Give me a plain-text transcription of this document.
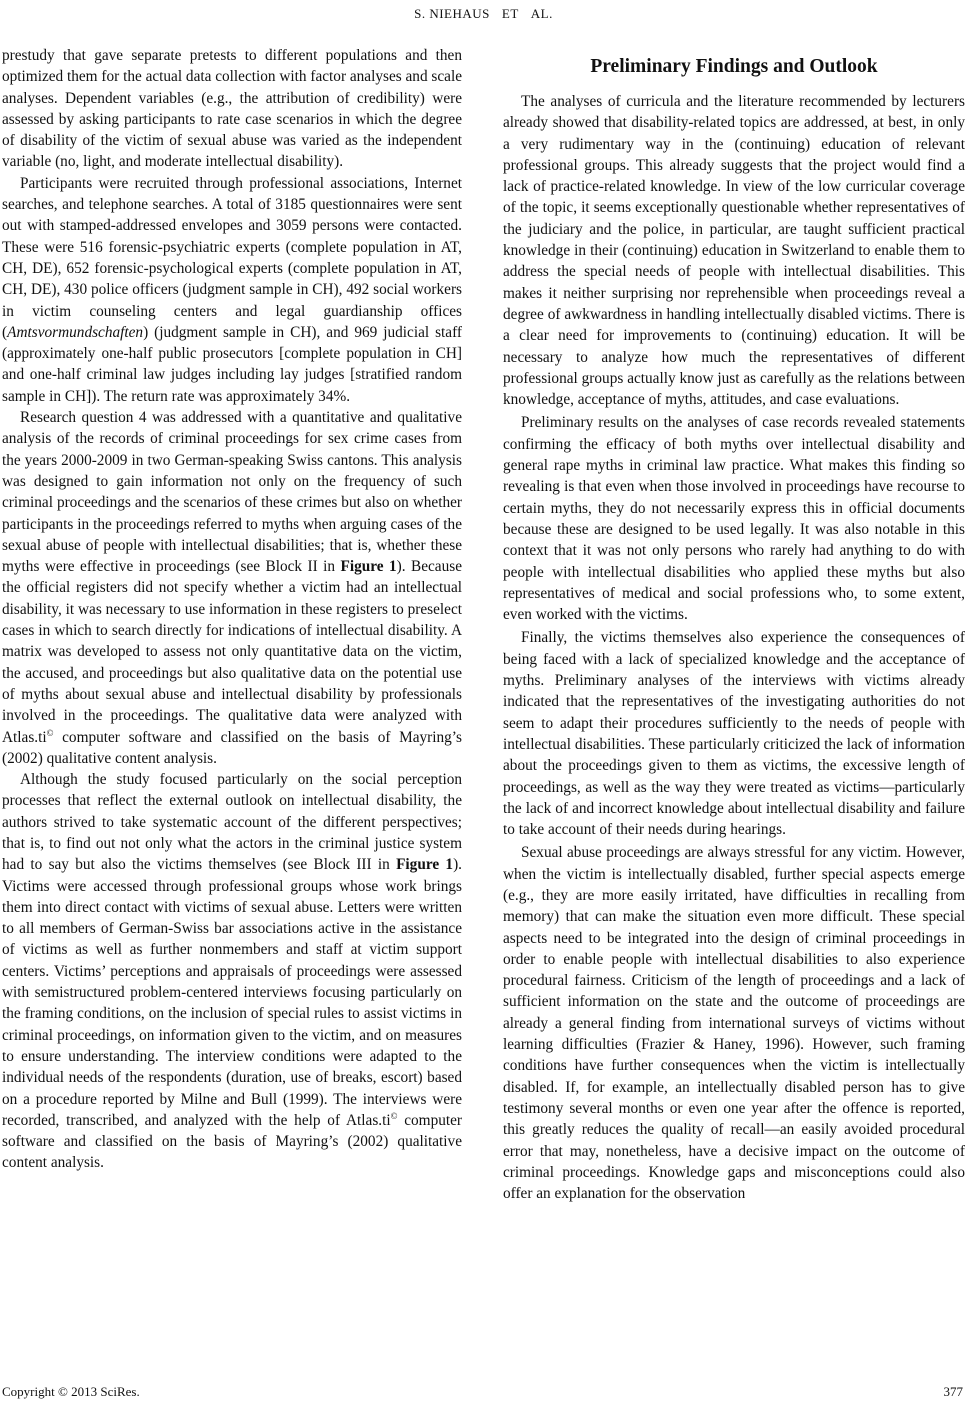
S. NIEHAUS ET AL.

prestudy that gave separate pretests to different populations and then optimized them for the actual data collection with factor analyses and scale analyses. Dependent variables (e.g., the attribution of credibility) were assessed by asking participants to rate case scenarios in which the degree of disability of the victim of sexual abuse was varied as the independent variable (no, light, and moderate intellectual disability).

Participants were recruited through professional associations, Internet searches, and telephone searches. A total of 3185 questionnaires were sent out with stamped-addressed envelopes and 3059 persons were contacted. These were 516 forensic-psychiatric experts (complete population in AT, CH, DE), 652 forensic-psychological experts (complete population in AT, CH, DE), 430 police officers (judgment sample in CH), 492 social workers in victim counseling centers and legal guardianship offices (Amtsvormundschaften) (judgment sample in CH), and 969 judicial staff (approximately one-half public prosecutors [complete population in CH] and one-half criminal law judges including lay judges [stratified random sample in CH]). The return rate was approximately 34%.

Research question 4 was addressed with a quantitative and qualitative analysis of the records of criminal proceedings for sex crime cases from the years 2000-2009 in two German-speaking Swiss cantons. This analysis was designed to gain information not only on the frequency of such criminal proceedings and the scenarios of these crimes but also on whether participants in the proceedings referred to myths when arguing cases of the sexual abuse of people with intellectual disabilities; that is, whether these myths were effective in proceedings (see Block II in Figure 1). Because the official registers did not specify whether a victim had an intellectual disability, it was necessary to use information in these registers to preselect cases in which to search directly for indications of intellectual disability. A matrix was developed to assess not only quantitative data on the victim, the accused, and proceedings but also qualitative data on the potential use of myths about sexual abuse and intellectual disability by professionals involved in the proceedings. The qualitative data were analyzed with Atlas.ti© computer software and classified on the basis of Mayring’s (2002) qualitative content analysis.

Although the study focused particularly on the social perception processes that reflect the external outlook on intellectual disability, the authors strived to take systematic account of the different perspectives; that is, to find out not only what the actors in the criminal justice system had to say but also the victims themselves (see Block III in Figure 1). Victims were accessed through professional groups whose work brings them into direct contact with victims of sexual abuse. Letters were written to all members of German-Swiss bar associations active in the assistance of victims as well as further nonmembers and staff at victim support centers. Victims’ perceptions and appraisals of proceedings were assessed with semistructured problem-centered interviews focusing particularly on the framing conditions, on the inclusion of special rules to assist victims in criminal proceedings, on information given to the victim, and on measures to ensure understanding. The interview conditions were adapted to the individual needs of the respondents (duration, use of breaks, escort) based on a procedure reported by Milne and Bull (1999). The interviews were recorded, transcribed, and analyzed with the help of Atlas.ti© computer software and classified on the basis of Mayring’s (2002) qualitative content analysis.

Preliminary Findings and Outlook

The analyses of curricula and the literature recommended by lecturers already showed that disability-related topics are addressed, at best, in only a very rudimentary way in the (continuing) education of relevant professional groups. This already suggests that the project would find a lack of practice-related knowledge. In view of the low curricular coverage of the topic, it seems exceptionally questionable whether representatives of the judiciary and the police, in particular, are taught sufficient practical knowledge in their (continuing) education in Switzerland to enable them to address the special needs of people with intellectual disabilities. This makes it neither surprising nor reprehensible when proceedings reveal a degree of awkwardness in handling intellectually disabled victims. There is a clear need for improvements to (continuing) education. It will be necessary to analyze how much the representatives of different professional groups actually know just as carefully as the relations between knowledge, acceptance of myths, attitudes, and case evaluations.

Preliminary results on the analyses of case records revealed statements confirming the efficacy of both myths over intellectual disability and general rape myths in criminal law practice. What makes this finding so revealing is that even when those involved in proceedings have recourse to certain myths, they do not necessarily express this in official documents because these are designed to be used legally. It was also notable in this context that it was not only persons who rarely had anything to do with people with intellectual disabilities who applied these myths but also representatives of medical and social professions who, to some extent, even worked with the victims.

Finally, the victims themselves also experience the consequences of being faced with a lack of specialized knowledge and the acceptance of myths. Preliminary analyses of the interviews with victims already indicated that the representatives of the investigating authorities do not seem to adapt their procedures sufficiently to the needs of people with intellectual disabilities. These particularly criticized the lack of information about the proceedings given to them as victims, the excessive length of proceedings, as well as the way they were treated as victims—particularly the lack of and incorrect knowledge about intellectual disability and failure to take account of their needs during hearings.

Sexual abuse proceedings are always stressful for any victim. However, when the victim is intellectually disabled, further special aspects emerge (e.g., they are more easily irritated, have difficulties in recalling from memory) that can make the situation even more difficult. These special aspects need to be integrated into the design of criminal proceedings in order to enable people with intellectual disabilities to also experience procedural fairness. Criticism of the length of proceedings and a lack of sufficient information on the state and the outcome of proceedings are already a general finding from international surveys of victims without learning difficulties (Frazier & Haney, 1996). However, such framing conditions have further consequences when the victim is intellectually disabled. If, for example, an intellectually disabled person has to give testimony several months or even one year after the offence is reported, this greatly reduces the quality of recall—an easily avoided procedural error that may, nonetheless, have a decisive impact on the outcome of criminal proceedings. Knowledge gaps and misconceptions could also offer an explanation for the observation

Copyright © 2013 SciRes.	377
